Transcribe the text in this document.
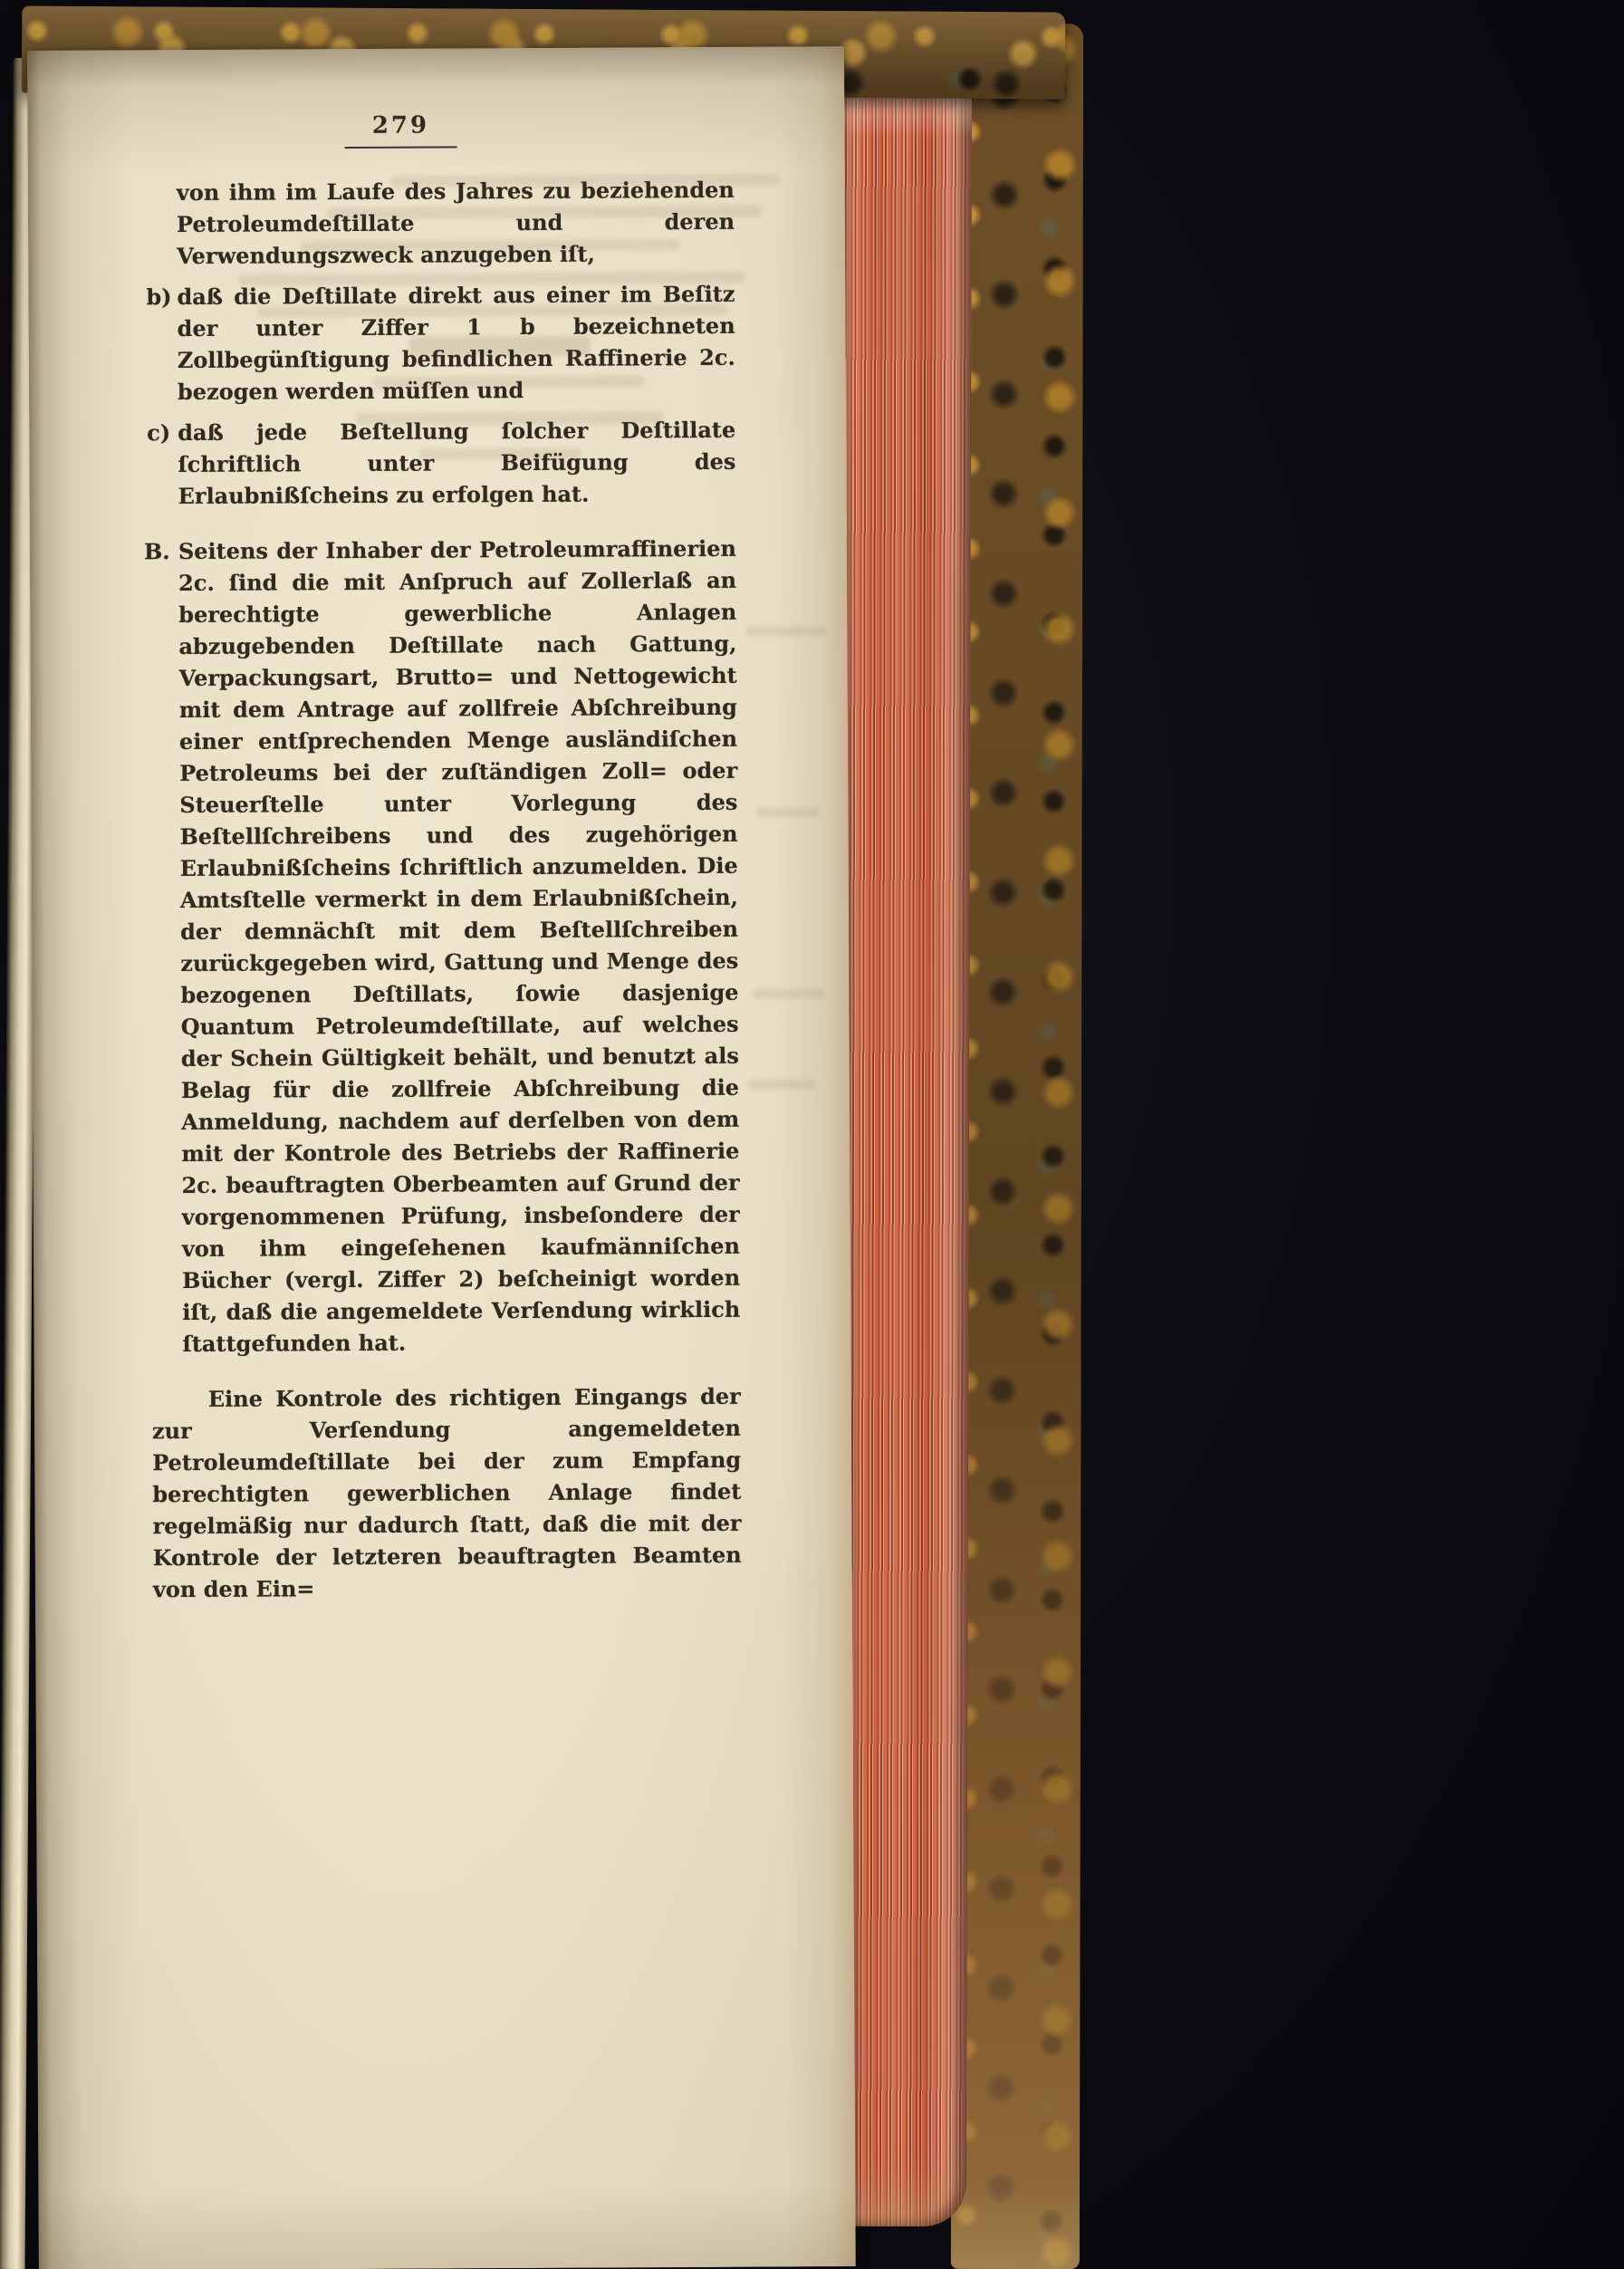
279
von ihm im Laufe des Jahres zu beziehenden Petroleumdeſtillate und deren Verwendungszweck anzugeben iſt,
b) daß die Deſtillate direkt aus einer im Beſitz der unter Ziffer 1 b bezeichneten Zollbegünſtigung befindlichen Raffinerie 2c. bezogen werden müſſen und
c) daß jede Beſtellung ſolcher Deſtillate ſchriftlich unter Beifügung des Erlaubnißſcheins zu erfolgen hat.
B. Seitens der Inhaber der Petroleumraffinerien 2c. ſind die mit Anſpruch auf Zollerlaß an berechtigte gewerbliche Anlagen abzugebenden Deſtillate nach Gattung, Verpackungsart, Brutto= und Nettogewicht mit dem Antrage auf zollfreie Abſchreibung einer entſprechenden Menge ausländiſchen Petroleums bei der zuſtändigen Zoll= oder Steuerſtelle unter Vorlegung des Beſtellſchreibens und des zugehörigen Erlaubnißſcheins ſchriftlich anzumelden. Die Amtsſtelle vermerkt in dem Erlaubnißſchein, der demnächſt mit dem Beſtellſchreiben zurückgegeben wird, Gattung und Menge des bezogenen Deſtillats, ſowie dasjenige Quantum Petroleumdeſtillate, auf welches der Schein Gültigkeit behält, und benutzt als Belag für die zollfreie Abſchreibung die Anmeldung, nachdem auf derſelben von dem mit der Kontrole des Betriebs der Raffinerie 2c. beauftragten Oberbeamten auf Grund der vorgenommenen Prüfung, insbeſondere der von ihm eingeſehenen kaufmänniſchen Bücher (vergl. Ziffer 2) beſcheinigt worden iſt, daß die angemeldete Verſendung wirklich ſtattgefunden hat.
Eine Kontrole des richtigen Eingangs der zur Verſendung angemeldeten Petroleumdeſtillate bei der zum Empfang berechtigten gewerblichen Anlage findet regelmäßig nur dadurch ſtatt, daß die mit der Kontrole der letzteren beauftragten Beamten von den Ein=
